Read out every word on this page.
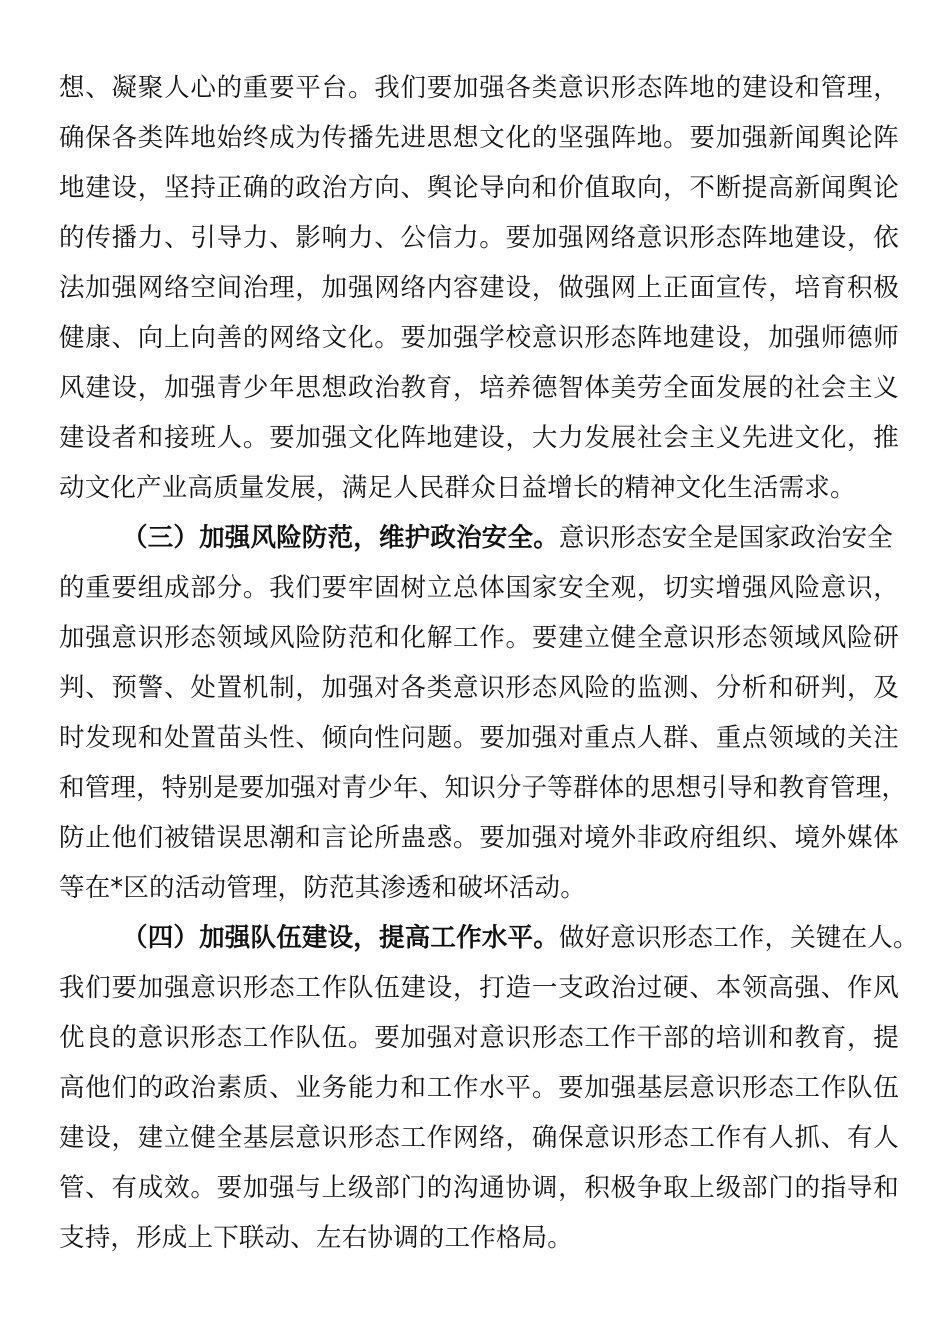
想、凝聚人心的重要平台。我们要加强各类意识形态阵地的建设和管理，
确保各类阵地始终成为传播先进思想文化的坚强阵地。要加强新闻舆论阵
地建设，坚持正确的政治方向、舆论导向和价值取向，不断提高新闻舆论
的传播力、引导力、影响力、公信力。要加强网络意识形态阵地建设，依
法加强网络空间治理，加强网络内容建设，做强网上正面宣传，培育积极
健康、向上向善的网络文化。要加强学校意识形态阵地建设，加强师德师
风建设，加强青少年思想政治教育，培养德智体美劳全面发展的社会主义
建设者和接班人。要加强文化阵地建设，大力发展社会主义先进文化，推
动文化产业高质量发展，满足人民群众日益增长的精神文化生活需求。
（三）加强风险防范，维护政治安全。意识形态安全是国家政治安全
的重要组成部分。我们要牢固树立总体国家安全观，切实增强风险意识，
加强意识形态领域风险防范和化解工作。要建立健全意识形态领域风险研
判、预警、处置机制，加强对各类意识形态风险的监测、分析和研判，及
时发现和处置苗头性、倾向性问题。要加强对重点人群、重点领域的关注
和管理，特别是要加强对青少年、知识分子等群体的思想引导和教育管理，
防止他们被错误思潮和言论所蛊惑。要加强对境外非政府组织、境外媒体
等在*区的活动管理，防范其渗透和破坏活动。
（四）加强队伍建设，提高工作水平。做好意识形态工作，关键在人。
我们要加强意识形态工作队伍建设，打造一支政治过硬、本领高强、作风
优良的意识形态工作队伍。要加强对意识形态工作干部的培训和教育，提
高他们的政治素质、业务能力和工作水平。要加强基层意识形态工作队伍
建设，建立健全基层意识形态工作网络，确保意识形态工作有人抓、有人
管、有成效。要加强与上级部门的沟通协调，积极争取上级部门的指导和
支持，形成上下联动、左右协调的工作格局。
